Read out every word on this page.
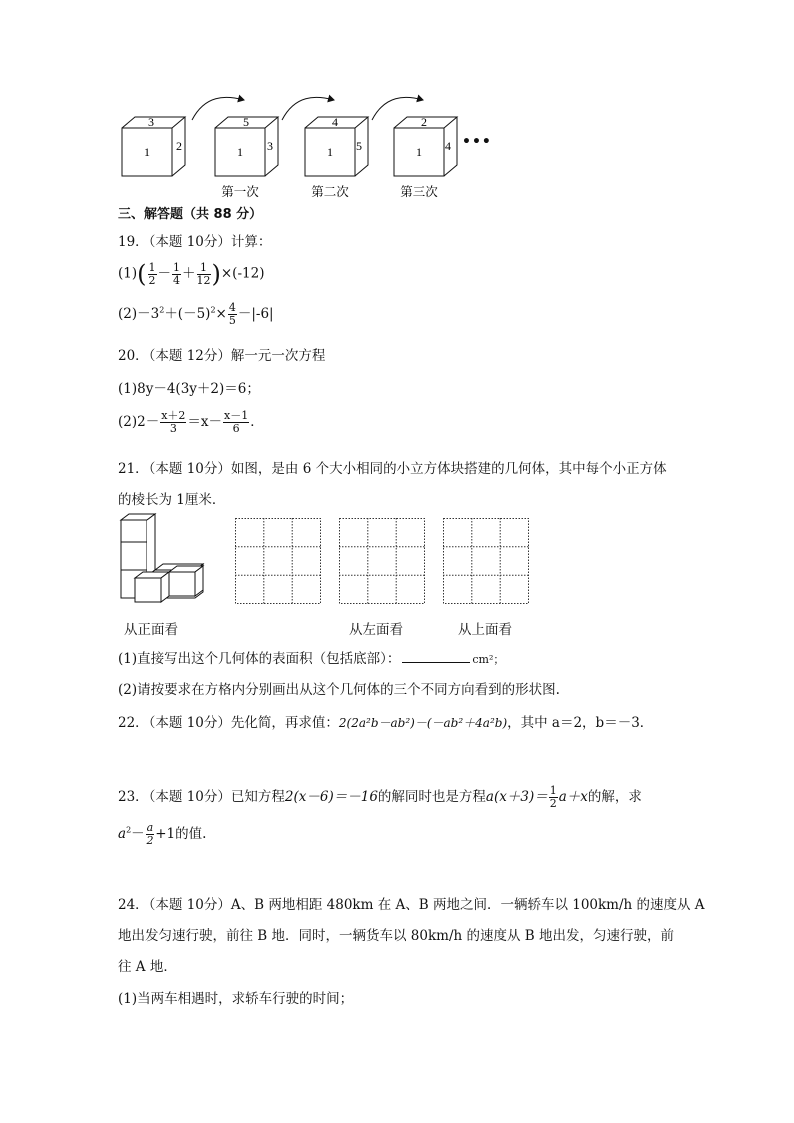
3
1 2
5
1 3
4
1 5
2
1 4
第一次	第二次	第三次
•••
三、解答题（共 88 分）
19．（本题 10分）计算：
$(1)( \frac{1}{2} - \frac{1}{4} + \frac{1}{12} )\times(-12)$
$(2)-3^2+(-5)^2\times \frac{4}{5} -|-6|$
20．（本题 12分）解一元一次方程
(1)8y－4(3y＋2)＝6；
$(2)2- \frac{x+2}{3} =x- \frac{x-1}{6}$ ．
21．（本题 10分）如图，是由 6 个大小相同的小立方体块搭建的几何体，其中每个小正方体
的棱长为 1厘米．
从正面看	从左面看	从上面看
(1)直接写出这个几何体的表面积（包括底部）：	cm²；
(2)请按要求在方格内分别画出从这个几何体的三个不同方向看到的形状图.
22．（本题 10分）先化简，再求值：2(2a²b－ab²)－(－ab²＋4a²b)，其中 a＝2，b＝－3．
23．（本题 10分）已知方程2(x－6)＝－16的解同时也是方程$a(x+3)= \frac{1}{2} a+x$的解，求
$a^2- \frac{a}{2} +1$的值.
24．（本题 10分）A、B 两地相距 480km 在 A、B 两地之间．一辆轿车以 100km/h 的速度从 A
地出发匀速行驶，前往 B 地．同时，一辆货车以 80km/h 的速度从 B 地出发，匀速行驶，前
往 A 地．
(1)当两车相遇时，求轿车行驶的时间；
